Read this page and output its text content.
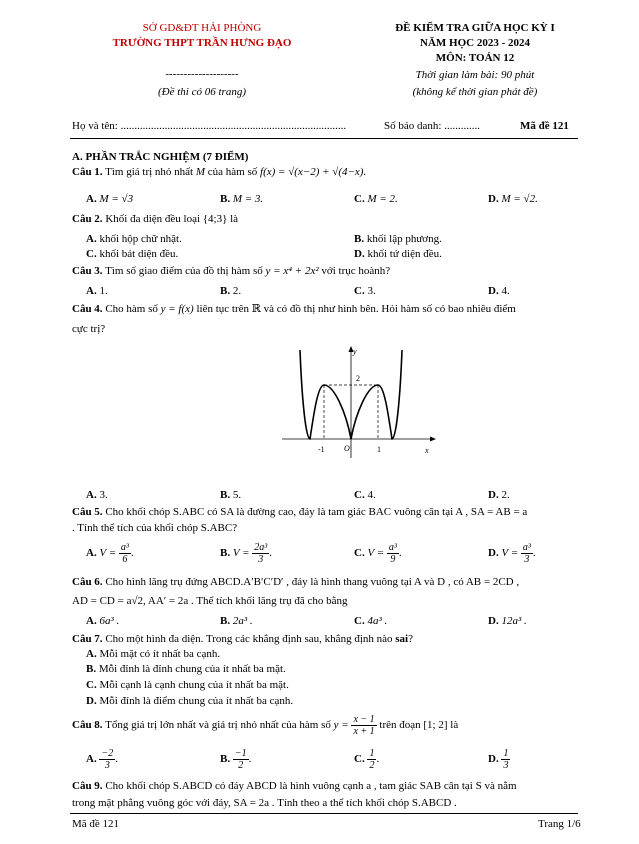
SỞ GD&ĐT HẢI PHÒNG
TRƯỜNG THPT TRẦN HƯNG ĐẠO
--------------------
(Đề thi có 06 trang)
ĐỀ KIỂM TRA GIỮA HỌC KỲ I
NĂM HỌC 2023 - 2024
MÔN: TOÁN 12
Thời gian làm bài: 90 phút
(không kể thời gian phát đề)
Họ và tên: ..................................................................................	Số báo danh: .............	Mã đề 121
A. PHẦN TRẮC NGHIỆM (7 ĐIỂM)
Câu 1. Tìm giá trị nhỏ nhất M của hàm số f(x) = √(x−2) + √(4−x).
A. M = √3	B. M = 3.	C. M = 2.	D. M = √2.
Câu 2. Khối đa diện đều loại {4;3} là
A. khối hộp chữ nhật.	B. khối lập phương.
C. khối bát diện đều.	D. khối tứ diện đều.
Câu 3. Tìm số giao điểm của đồ thị hàm số y = x⁴ + 2x² với trục hoành?
A. 1.	B. 2.	C. 3.	D. 4.
Câu 4. Cho hàm số y = f(x) liên tục trên ℝ và có đồ thị như hình bên. Hỏi hàm số có bao nhiêu điểm
cực trị?
y
x
O
-1	1
2
A. 3.	B. 5.	C. 4.	D. 2.
Câu 5. Cho khối chóp S.ABC có SA là đường cao, đáy là tam giác BAC vuông cân tại A , SA = AB = a
. Tính thể tích của khối chóp S.ABC?
A. $V = \frac{\text{a³}}{6}$ .	B. $V = \frac{\text{2a³}}{3}$ .	C. $V = \frac{\text{a³}}{9}$ .	D. $V = \frac{\text{a³}}{3}$ .
Câu 6. Cho hình lăng trụ đứng ABCD.A′B′C′D′ , đáy là hình thang vuông tại A và D , có AB = 2CD ,
AD = CD = a√2, AA′ = 2a . Thể tích khối lăng trụ đã cho bằng
A. 6a³ .	B. 2a³ .	C. 4a³ .	D. 12a³ .
Câu 7. Cho một hình đa diện. Trong các khẳng định sau, khẳng định nào sai?
A. Mỗi mặt có ít nhất ba cạnh.
B. Mỗi đỉnh là đỉnh chung của ít nhất ba mặt.
C. Mỗi cạnh là cạnh chung của ít nhất ba mặt.
D. Mỗi đỉnh là điểm chung của ít nhất ba cạnh.
Câu 8. Tổng giá trị lớn nhất và giá trị nhỏ nhất của hàm số $y = \frac{x - 1}{x + 1}$ trên đoạn [1; 2] là
A. $\frac{-2}{3}$ .	B. $\frac{-1}{2}$ .	C. $\frac{1}{2}$ .	D. $\frac{1}{3}$
Câu 9. Cho khối chóp S.ABCD có đáy ABCD là hình vuông cạnh a , tam giác SAB cân tại S và nằm
trong mặt phẳng vuông góc với đáy, SA = 2a . Tính theo a thể tích khối chóp S.ABCD .
Mã đề 121	Trang 1/6
